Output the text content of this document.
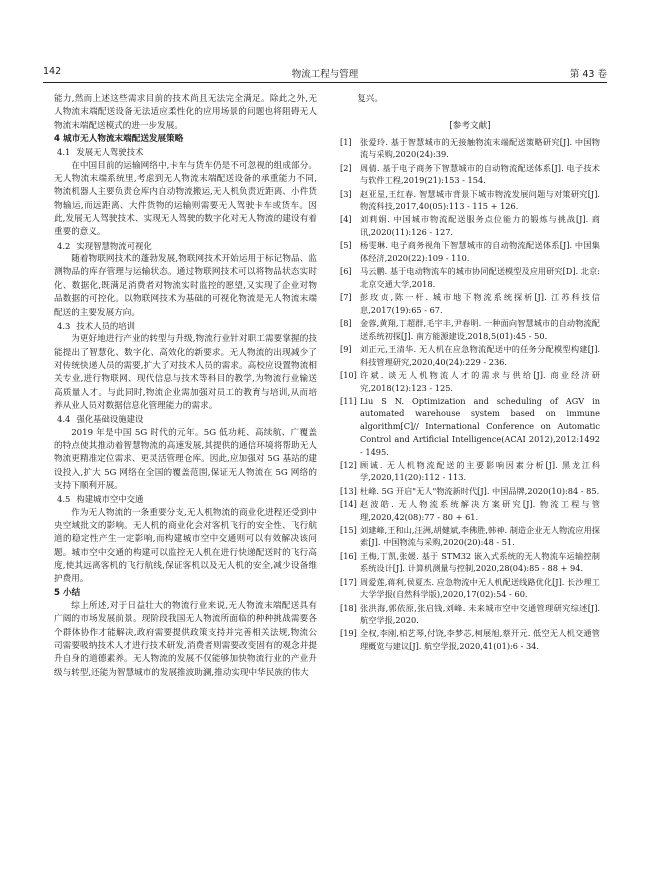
142	物流工程与管理	第 43 卷

能力,然而上述这些需求目前的技术尚且无法完全满足。除此之外,无人物流末端配送设备无法适应柔性化的应用场景的问题也将阻碍无人物流末端配送模式的进一步发展。

4 城市无人物流末端配送发展策略
4.1 发展无人驾驶技术

在中国目前的运输网络中,卡车与货车仍是不可忽视的组成部分。无人物流末端系统里,考虑到无人物流末端配送设备的承重能力不同,物流机器人主要负责仓库内自动物流搬运,无人机负责近距离、小件货物输运,而远距离、大件货物的运输则需要无人驾驶卡车或货车。因此,发展无人驾驶技术、实现无人驾驶的数字化对无人物流的建设有着重要的意义。

4.2 实现智慧物流可视化

随着物联网技术的蓬勃发展,物联网技术开始运用于标记物品、监测物品的库存管理与运输状态。通过物联网技术可以将物品状态实时化、数据化,既满足消费者对物流实时监控的愿望,又实现了企业对物品数据的可控化。以物联网技术为基础的可视化物流是无人物流末端配送的主要发展方向。

4.3 技术人员的培训

为更好地进行产业的转型与升级,物流行业针对职工需要掌握的技能提出了智慧化、数字化、高效化的新要求。无人物流的出现减少了对传统快递人员的需要,扩大了对技术人员的需求。高校应设置物流相关专业,进行物联网、现代信息与技术等科目的教学,为物流行业输送高质量人才。与此同时,物流企业需加强对员工的教育与培训,从而培养从业人员对数据信息化管理能力的需求。

4.4 强化基础设施建设

2019 年是中国 5G 时代的元年。5G 低功耗、高续航、广覆盖的特点使其推动着智慧物流的高速发展,其提供的通信环境将帮助无人物流更精准定位需求、更灵活管理仓库。因此,应加强对 5G 基站的建设投入,扩大 5G 网络在全国的覆盖范围,保证无人物流在 5G 网络的支持下顺利开展。

4.5 构建城市空中交通

作为无人物流的一条重要分支,无人机物流的商业化进程还受到中央空域批文的影响。无人机的商业化会对客机飞行的安全性、飞行航道的稳定性产生一定影响,而构建城市空中交通则可以有效解决该问题。城市空中交通的构建可以监控无人机在进行快递配送时的飞行高度,使其远离客机的飞行航线,保证客机以及无人机的安全,减少设备维护费用。

5 小结

综上所述,对于日益壮大的物流行业来说,无人物流末端配送具有广阔的市场发展前景。现阶段我国无人物流所面临的种种挑战需要各个群体协作才能解决,政府需要提供政策支持并完善相关法规,物流公司需要吸纳技术人才进行技术研发,消费者则需要改变固有的观念并提升自身的道德素养。无人物流的发展不仅能够加快物流行业的产业升级与转型,还能为智慧城市的发展推波助澜,推动实现中华民族的伟大

复兴。

[参考文献]
[1] 张爱玲. 基于智慧城市的无接触物流末端配送策略研究[J]. 中国物流与采购,2020(24):39.
[2] 周倩. 基于电子商务下智慧城市的自动物流配送体系[J]. 电子技术与软件工程,2019(21):153 - 154.
[3] 赵亚星,王红春. 智慧城市背景下城市物流发展问题与对策研究[J]. 物流科技,2017,40(05):113 - 115 + 126.
[4] 刘莉娟. 中国城市物流配送服务点位能力的锻炼与挑战[J]. 商讯,2020(11):126 - 127.
[5] 杨雯琳. 电子商务视角下智慧城市的自动物流配送体系[J]. 中国集体经济,2020(22):109 - 110.
[6] 马云鹏. 基于电动物流车的城市协同配送模型及应用研究[D]. 北京:北京交通大学,2018.
[7] 彭玫贞,陈一杆. 城市地下物流系统探析[J]. 江苏科技信息,2017(19):65 - 67.
[8] 金蓉,黄翔,丁超群,毛宇丰,尹春明. 一种面向智慧城市的自动物流配送系统初探[J]. 南方能源建设,2018,5(01):45 - 50.
[9] 刘正元,王清华. 无人机在应急物流配送中的任务分配模型构建[J]. 科技管理研究,2020,40(24):229 - 236.
[10] 许斌. 谈无人机物流人才的需求与供给[J]. 商业经济研究,2018(12):123 - 125.
[11] Liu S N. Optimization and scheduling of AGV in automated warehouse system based on immune algorithm[C]// International Conference on Automatic Control and Artificial Intelligence(ACAI 2012),2012:1492 - 1495.
[12] 顾诚. 无人机物流配送的主要影响因素分析[J]. 黑龙江科学,2020,11(20):112 - 113.
[13] 杜峰. 5G 开启"无人"物流新时代[J]. 中国品牌,2020(10):84 - 85.
[14] 赵波皓. 无人物流系统解决方案研究[J]. 物流工程与管理,2020,42(08):77 - 80 + 61.
[15] 刘建峰,王和山,汪洲,胡健斌,李佛胜,韩神. 制造企业无人物流应用探索[J]. 中国物流与采购,2020(20):48 - 51.
[16] 王梅,丁凯,张媛. 基于 STM32 嵌入式系统的无人物流车运输控制系统设计[J]. 计算机测量与控制,2020,28(04):85 - 88 + 94.
[17] 周爱莲,蒋利,侯夏杰. 应急物流中无人机配送线路优化[J]. 长沙理工大学学报(自然科学版),2020,17(02):54 - 60.
[18] 张洪海,郭依原,张启钱,刘峰. 未来城市空中交通管理研究综述[J]. 航空学报,2020.
[19] 全权,李刚,柏艺琴,付饶,李梦芯,柯展旭,蔡开元. 低空无人机交通管理概览与建议[J]. 航空学报,2020,41(01):6 - 34.
